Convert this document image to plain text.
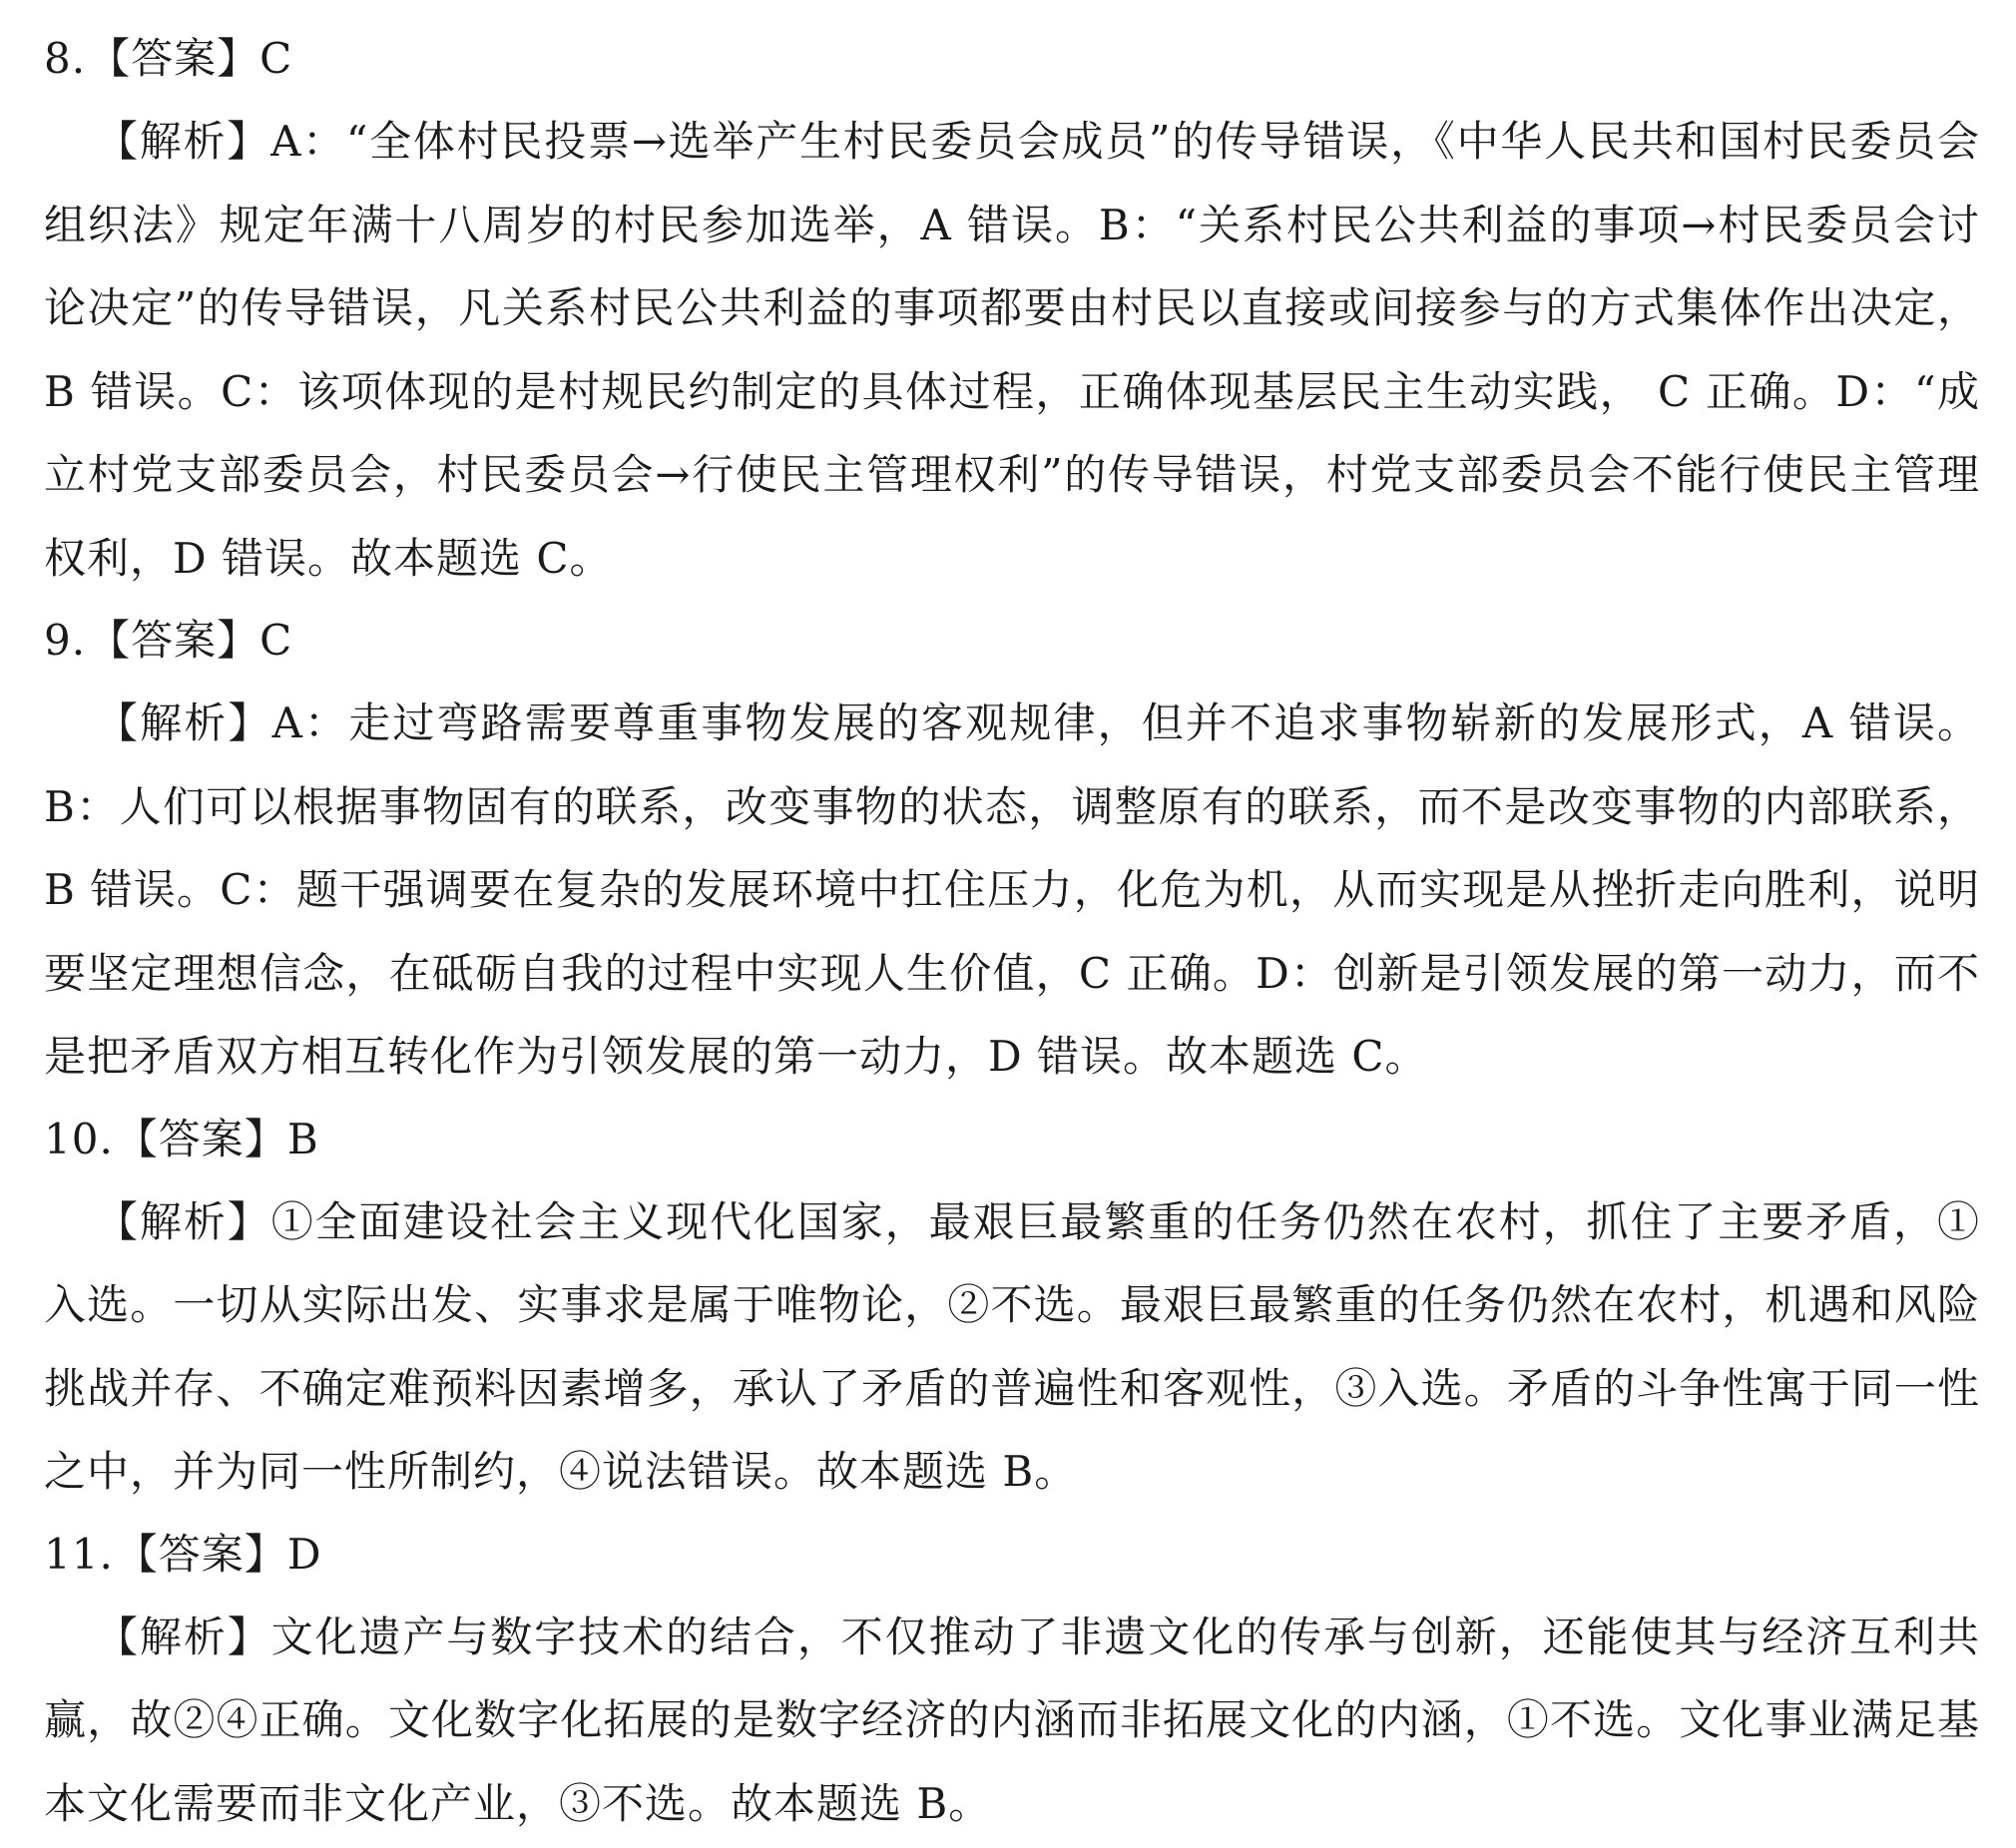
8.【答案】C

【解析】A：“全体村民投票→选举产生村民委员会成员”的传导错误，《中华人民共和国村民委员会组织法》规定年满十八周岁的村民参加选举，A 错误。B：“关系村民公共利益的事项→村民委员会讨论决定”的传导错误，凡关系村民公共利益的事项都要由村民以直接或间接参与的方式集体作出决定，B 错误。C：该项体现的是村规民约制定的具体过程，正确体现基层民主生动实践， C 正确。D：“成立村党支部委员会，村民委员会→行使民主管理权利”的传导错误，村党支部委员会不能行使民主管理权利，D 错误。故本题选 C。

9.【答案】C

【解析】A：走过弯路需要尊重事物发展的客观规律，但并不追求事物崭新的发展形式，A 错误。B：人们可以根据事物固有的联系，改变事物的状态，调整原有的联系，而不是改变事物的内部联系，B 错误。C：题干强调要在复杂的发展环境中扛住压力，化危为机，从而实现是从挫折走向胜利，说明要坚定理想信念，在砥砺自我的过程中实现人生价值，C 正确。D：创新是引领发展的第一动力，而不是把矛盾双方相互转化作为引领发展的第一动力，D 错误。故本题选 C。

10.【答案】B

【解析】①全面建设社会主义现代化国家，最艰巨最繁重的任务仍然在农村，抓住了主要矛盾，①入选。一切从实际出发、实事求是属于唯物论，②不选。最艰巨最繁重的任务仍然在农村，机遇和风险挑战并存、不确定难预料因素增多，承认了矛盾的普遍性和客观性，③入选。矛盾的斗争性寓于同一性之中，并为同一性所制约，④说法错误。故本题选 B。

11.【答案】D

【解析】文化遗产与数字技术的结合，不仅推动了非遗文化的传承与创新，还能使其与经济互利共赢，故②④正确。文化数字化拓展的是数字经济的内涵而非拓展文化的内涵，①不选。文化事业满足基本文化需要而非文化产业，③不选。故本题选 B。
